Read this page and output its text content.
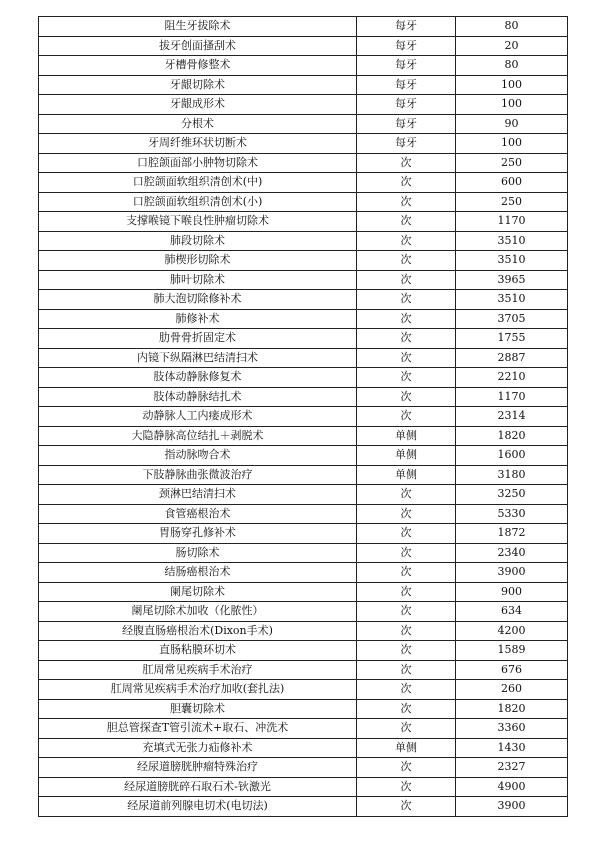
阻生牙拔除术	每牙	80
拔牙创面搔刮术	每牙	20
牙槽骨修整术	每牙	80
牙龈切除术	每牙	100
牙龈成形术	每牙	100
分根术	每牙	90
牙周纤维环状切断术	每牙	100
口腔颌面部小肿物切除术	次	250
口腔颌面软组织清创术(中)	次	600
口腔颌面软组织清创术(小)	次	250
支撑喉镜下喉良性肿瘤切除术	次	1170
肺段切除术	次	3510
肺楔形切除术	次	3510
肺叶切除术	次	3965
肺大泡切除修补术	次	3510
肺修补术	次	3705
肋骨骨折固定术	次	1755
内镜下纵隔淋巴结清扫术	次	2887
肢体动静脉修复术	次	2210
肢体动静脉结扎术	次	1170
动静脉人工内瘘成形术	次	2314
大隐静脉高位结扎＋剥脱术	单侧	1820
指动脉吻合术	单侧	1600
下肢静脉曲张微波治疗	单侧	3180
颈淋巴结清扫术	次	3250
食管癌根治术	次	5330
胃肠穿孔修补术	次	1872
肠切除术	次	2340
结肠癌根治术	次	3900
阑尾切除术	次	900
阑尾切除术加收（化脓性）	次	634
经腹直肠癌根治术(Dixon手术)	次	4200
直肠粘膜环切术	次	1589
肛周常见疾病手术治疗	次	676
肛周常见疾病手术治疗加收(套扎法)	次	260
胆囊切除术	次	1820
胆总管探查T管引流术+取石、冲洗术	次	3360
充填式无张力疝修补术	单侧	1430
经尿道膀胱肿瘤特殊治疗	次	2327
经尿道膀胱碎石取石术-钬激光	次	4900
经尿道前列腺电切术(电切法)	次	3900
